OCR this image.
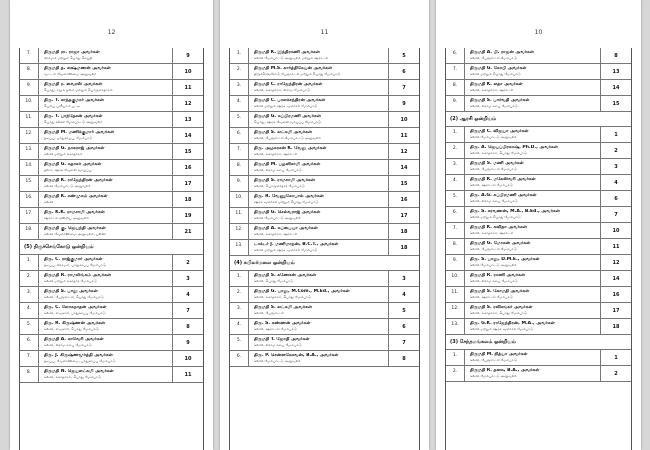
12
7.	திருமதி ரா. ராஜா அவர்கள்
கிராமம் மற்றும் பொது செய்தி	9
8.	திருமதி த. லக்ஷ்மணன் அவர்கள்
வட்டம் வேளாண்மை அலுவலர்	10
9.	திருமதி ர. வைரஸ் அவர்கள்
பொது, சமூக நலம் மற்றும் பொருளாதாரம்	11
10.	திரு. T. சாந்தகுமார் அவர்கள்
பெரிய புலியாம் பட்டி	12
11.	திரு. T. பாந்தேசன் அவர்கள்
பொது கல்வி மேம்பாட்டு அலுவலர்	13
12.	திருமதி M. மணிக்குமார் அவர்கள்
நடிப்பு, பாதுகாப்பு, மேம்பாடு	14
13.	திருமதி G. நாகராஜ் அவர்கள்
கல்வி மற்றும் சுகாதாரம்	15
14.	திருமதி G. சுதாகர் அவர்கள்
நலம், ஊரக வேலை வாய்ப்பு	16
15.	திருமதி K. ராஜேந்திரன் அவர்கள்
கல்வி மேம்பாட்டு அலுவலர்	17
16.	திருமதி K. சண்முகம் அவர்கள்
கல்வி	18
17.	திரு. K.K. ராமசாமி அவர்கள்
ஊராட்சி ஒன்றிய அலுவலர்	19
18.	திருமதி கு. ஜெயந்தி அவர்கள்
கல்வி வேளாண்மை அலுவலர், பள்ளி	21
(5) திருச்செங்கோடு ஒன்றியம்
1.	திரு. C. ராஜ்குமார் அவர்கள்
நடிப்பு, கிராமம், பாதுகாப்பு மேம்பாடு	2
2.	திருமதி R. ராமலிங்கம் அவர்கள்
கல்வி மற்றும் சுகாதார மேம்பாடு	3
3.	திருமதி S. பாலு அவர்கள்
கல்வி, பேரூராட்சி, பொது மேம்பாடு	4
4.	திரு. C. லோகநாதன் அவர்கள்
கல்வி, சிவகாசி, பாதுகாப்பு மேம்பாடு	7
5.	திரு. R. கிருஷ்ணன் அவர்கள்
கல்வி, சிவகாசி, பொது மேம்பாடு	8
6.	திருமதி A. காவேரி அவர்கள்
கல்வி, கிராம சபை மேம்பாடு	9
7.	திரு. J. கிருஷ்ணமூர்த்தி அவர்கள்
நடிப்பு, வேளாண்மை, பாதுகாப்பு மேம்பாடு	10
8.	திருமதி N. ஜெயலட்சுமி அவர்கள்
கல்வி, சுகாதாரம், பொது மேம்பாடு	11
11
1.	திருமதி K. இந்திராணி அவர்கள்
கல்வி மேம்பாட்டு அலுவலர் மற்றும் ஊராட்சி	5
2.	திருமதி M.S. கார்த்திகேயன் அவர்கள்
திருச்செங்கோடு பேரூராட்சி மற்றும் பொது மேம்பாடு	6
3.	திருமதி C. ராஜேந்திரன் அவர்கள்
கல்வி, சுகாதாரம், கிராம மேம்பாடு	7
4.	திருமதி C. பாலச்சந்திரன் அவர்கள்
கல்வி மற்றும் ஊரக வளர்ச்சி மேம்பாடு	9
5.	திருமதி G. சுப்பிரமணி அவர்கள்
பொது, ஊரக வேலை வாய்ப்பு மேம்பாடு	10
6.	திருமதி S. லட்சுமி அவர்கள்
கல்வி, பேரூராட்சி மேம்பாட்டு அலுவலர்	11
7.	திரு. அழகரசன் K. வேலு அவர்கள்
கல்வி, சுகாதாரம், ஊராட்சி	12
8.	திருமதி M. பழனிசாமி அவர்கள்
கல்வி, கிராம சபை மேம்பாடு	14
9.	திருமதி S. ராமசாமி அவர்கள்
கல்வி, பொருளாதார மேம்பாடு	15
10.	திரு. R. வேணுகோபால் அவர்கள்
ஊரக வளர்ச்சி மற்றும் பொது மேம்பாடு	16
11.	திருமதி G. செல்வராஜ் அவர்கள்
கல்வி மேம்பாட்டு அலுவலர்	17
12.	திருமதி A. சுப்பையா அவர்கள்
கல்வி, சுகாதாரம், ஊராட்சி	18
13.	டாக்டர் J. மணிமாறன், B.C.T., அவர்கள்
கல்வி மற்றும் ஊரக வளர்ச்சி மேம்பாடு	18
(4) கபிலர்மலை ஒன்றியம்
1.	திருமதி S. கணேசன் அவர்கள்
கல்வி, பொது மேம்பாடு	3
2.	திருமதி G. பாலு, M.Com., M.Ed., அவர்கள்
கல்வி, சுகாதாரம், பொது மேம்பாடு	4
3.	திருமதி S. லட்சுமி அவர்கள்
கல்வி, பேரூராட்சி	5
4.	திரு. S. கண்ணன் அவர்கள்
கல்வி, ஊராட்சி மேம்பாடு	6
5.	திருமதி T. ஜோதி அவர்கள்
கல்வி, கிராம சபை மேம்பாடு	7
6.	திரு. P. சென்னகேசவன், B.A., அவர்கள்
கல்வி மேம்பாட்டு அலுவலர்	8
10
6.	திருமதி A. பி. ராஜன் அவர்கள்
கல்வி, பேரூராட்சி மேம்பாடு	8
7.	திருமதி G. கோபி அவர்கள்
கல்வி மற்றும் பொது மேம்பாடு	13
8.	திருமதி K. லதா அவர்கள்
கல்வி, சுகாதாரம், ஊராட்சி	14
9.	திருமதி S. பார்வதி அவர்கள்
கல்வி, கிராம சபை மேம்பாடு	15
(2) ஆரசி ஒன்றியம்
1.	திருமதி C. விஜயா அவர்கள்
கல்வி மேம்பாட்டு அலுவலர்	1
2.	திரு. A. ஜெயப்பிரகாஷ், Ph.D., அவர்கள்
கல்வி, சுகாதாரம், பொது மேம்பாடு	2
3.	திருமதி S. மணி அவர்கள்
கல்வி, பேரூராட்சி மேம்பாடு	3
4.	திருமதி K. மகேஸ்வரி அவர்கள்
கல்வி, ஊராட்சி மேம்பாடு	4
5.	திரு. A.G. சுப்பிரமணி அவர்கள்
கல்வி, கிராம சபை மேம்பாடு	6
6.	திரு. S. சரவணன், M.A., B.Ed., அவர்கள்
கல்வி மற்றும் பொது மேம்பாடு	7
7.	திருமதி K. கவிதா அவர்கள்
கல்வி, சுகாதாரம், ஊராட்சி	10
8.	திருமதி G. மோகன் அவர்கள்
கல்வி, பேரூராட்சி மேம்பாடு	11
9.	திரு. S. பாலு, D.M.E., அவர்கள்
கல்வி மேம்பாட்டு அலுவலர்	12
10.	திருமதி R. ராணி அவர்கள்
கல்வி, கிராம சபை மேம்பாடு	14
11.	திருமதி S. கோமதி அவர்கள்
கல்வி, ஊராட்சி மேம்பாடு	16
12.	திருமதி S. ரவிசங்கர் அவர்கள்
கல்வி, சுகாதாரம், பொது மேம்பாடு	17
13.	திரு. G.K. ராஜேந்திரன், M.A., அவர்கள்
கல்வி மற்றும் ஊரக வளர்ச்சி மேம்பாடு	18
(3) சேந்தமங்கலம் ஒன்றியம்
1.	திருமதி M. நித்யா அவர்கள்
கல்வி, பேரூராட்சி மேம்பாடு	1
2.	திருமதி R. தனசு, B.A., அவர்கள்
கல்வி மேம்பாட்டு அலுவலர்	2
